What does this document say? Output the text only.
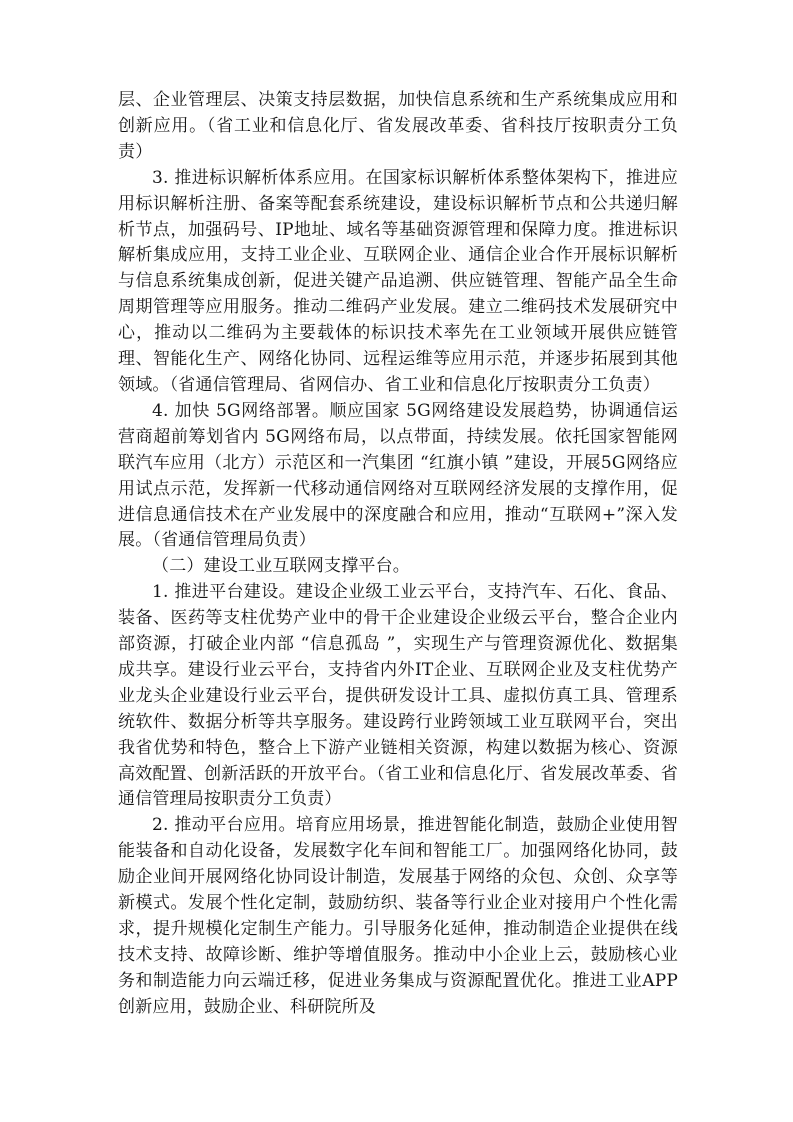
层、企业管理层、决策支持层数据，加快信息系统和生产系统集成应用和创新应用。（省工业和信息化厅、省发展改革委、省科技厅按职责分工负责）

3. 推进标识解析体系应用。在国家标识解析体系整体架构下，推进应用标识解析注册、备案等配套系统建设，建设标识解析节点和公共递归解析节点，加强码号、IP地址、域名等基础资源管理和保障力度。推进标识解析集成应用，支持工业企业、互联网企业、通信企业合作开展标识解析与信息系统集成创新，促进关键产品追溯、供应链管理、智能产品全生命周期管理等应用服务。推动二维码产业发展。建立二维码技术发展研究中心，推动以二维码为主要载体的标识技术率先在工业领域开展供应链管理、智能化生产、网络化协同、远程运维等应用示范，并逐步拓展到其他领域。（省通信管理局、省网信办、省工业和信息化厅按职责分工负责）

4. 加快 5G网络部署。顺应国家 5G网络建设发展趋势，协调通信运营商超前筹划省内 5G网络布局，以点带面，持续发展。依托国家智能网联汽车应用（北方）示范区和一汽集团 “红旗小镇 ”建设，开展5G网络应用试点示范，发挥新一代移动通信网络对互联网经济发展的支撑作用，促进信息通信技术在产业发展中的深度融合和应用，推动“互联网+”深入发展。（省通信管理局负责）

（二）建设工业互联网支撑平台。

1. 推进平台建设。建设企业级工业云平台，支持汽车、石化、食品、装备、医药等支柱优势产业中的骨干企业建设企业级云平台，整合企业内部资源，打破企业内部 “信息孤岛 ”，实现生产与管理资源优化、数据集成共享。建设行业云平台，支持省内外IT企业、互联网企业及支柱优势产业龙头企业建设行业云平台，提供研发设计工具、虚拟仿真工具、管理系统软件、数据分析等共享服务。建设跨行业跨领域工业互联网平台，突出我省优势和特色，整合上下游产业链相关资源，构建以数据为核心、资源高效配置、创新活跃的开放平台。（省工业和信息化厅、省发展改革委、省通信管理局按职责分工负责）

2. 推动平台应用。培育应用场景，推进智能化制造，鼓励企业使用智能装备和自动化设备，发展数字化车间和智能工厂。加强网络化协同，鼓励企业间开展网络化协同设计制造，发展基于网络的众包、众创、众享等新模式。发展个性化定制，鼓励纺织、装备等行业企业对接用户个性化需求，提升规模化定制生产能力。引导服务化延伸，推动制造企业提供在线技术支持、故障诊断、维护等增值服务。推动中小企业上云，鼓励核心业务和制造能力向云端迁移，促进业务集成与资源配置优化。推进工业APP创新应用，鼓励企业、科研院所及
